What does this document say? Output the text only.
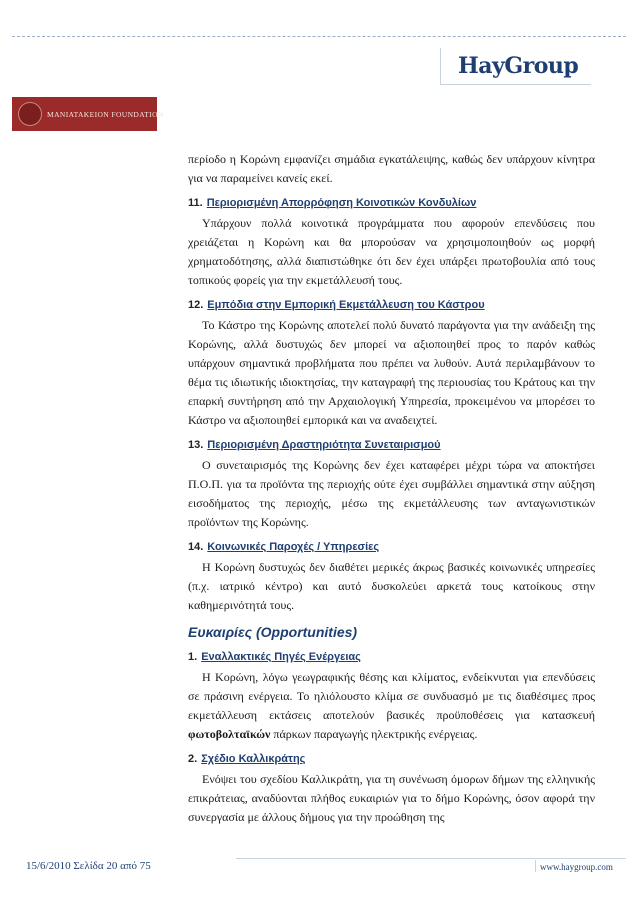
HayGroup
MANIATAKEION FOUNDATION

περίοδο η Κορώνη εμφανίζει σημάδια εγκατάλειψης, καθώς δεν υπάρχουν κίνητρα για να παραμείνει κανείς εκεί.

11. Περιορισμένη Απορρόφηση Κοινοτικών Κονδυλίων

Υπάρχουν πολλά κοινοτικά προγράμματα που αφορούν επενδύσεις που χρειάζεται η Κορώνη και θα μπορούσαν να χρησιμοποιηθούν ως μορφή χρηματοδότησης, αλλά διαπιστώθηκε ότι δεν έχει υπάρξει πρωτοβουλία από τους τοπικούς φορείς για την εκμετάλλευσή τους.

12. Εμπόδια στην Εμπορική Εκμετάλλευση του Κάστρου

Το Κάστρο της Κορώνης αποτελεί πολύ δυνατό παράγοντα για την ανάδειξη της Κορώνης, αλλά δυστυχώς δεν μπορεί να αξιοποιηθεί προς το παρόν καθώς υπάρχουν σημαντικά προβλήματα που πρέπει να λυθούν. Αυτά περιλαμβάνουν το θέμα τις ιδιωτικής ιδιοκτησίας, την καταγραφή της περιουσίας του Κράτους και την επαρκή συντήρηση από την Αρχαιολογική Υπηρεσία, προκειμένου να μπορέσει το Κάστρο να αξιοποιηθεί εμπορικά και να αναδειχτεί.

13. Περιορισμένη Δραστηριότητα Συνεταιρισμού

Ο συνεταιρισμός της Κορώνης δεν έχει καταφέρει μέχρι τώρα να αποκτήσει Π.Ο.Π. για τα προϊόντα της περιοχής ούτε έχει συμβάλλει σημαντικά στην αύξηση εισοδήματος της περιοχής, μέσω της εκμετάλλευσης των ανταγωνιστικών προϊόντων της Κορώνης.

14. Κοινωνικές Παροχές / Υπηρεσίες

Η Κορώνη δυστυχώς δεν διαθέτει μερικές άκρως βασικές κοινωνικές υπηρεσίες (π.χ. ιατρικό κέντρο) και αυτό δυσκολεύει αρκετά τους κατοίκους στην καθημερινότητά τους.

Ευκαιρίες (Opportunities)
1. Εναλλακτικές Πηγές Ενέργειας

Η Κορώνη, λόγω γεωγραφικής θέσης και κλίματος, ενδείκνυται για επενδύσεις σε πράσινη ενέργεια. Το ηλιόλουστο κλίμα σε συνδυασμό με τις διαθέσιμες προς εκμετάλλευση εκτάσεις αποτελούν βασικές προϋποθέσεις για κατασκευή φωτοβολταϊκών πάρκων παραγωγής ηλεκτρικής ενέργειας.

2. Σχέδιο Καλλικράτης

Ενόψει του σχεδίου Καλλικράτη, για τη συνένωση όμορων δήμων της ελληνικής επικράτειας, αναδύονται πλήθος ευκαιριών για το δήμο Κορώνης, όσον αφορά την συνεργασία με άλλους δήμους για την προώθηση της

15/6/2010 Σελίδα 20 από 75	www.haygroup.com
